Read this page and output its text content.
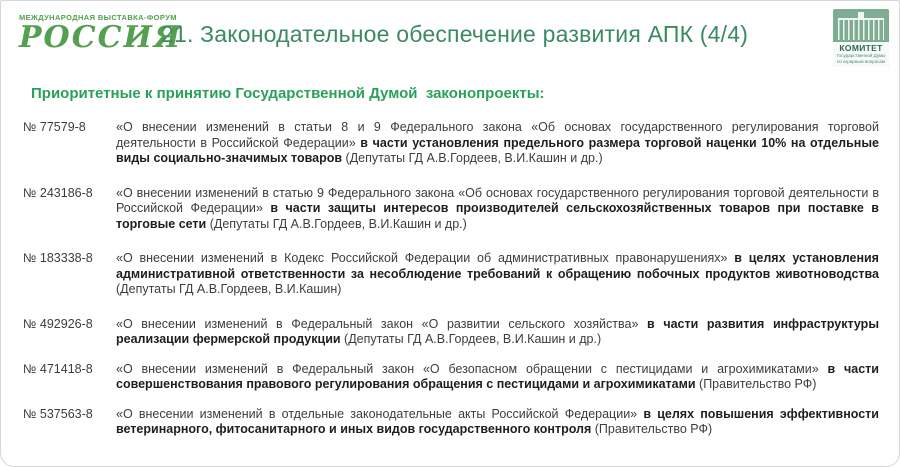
МЕЖДУНАРОДНАЯ ВЫСТАВКА-ФОРУМ
РОССИЯ
21. Законодательное обеспечение развития АПК (4/4)
КОМИТЕТ
Государственной Думы
по аграрным вопросам
Приоритетные к принятию Государственной Думой  законопроекты:
№ 77579-8	«О внесении изменений в статьи 8 и 9 Федерального закона «Об основах государственного регулирования торговой деятельности в Российской Федерации» в части установления предельного размера торговой наценки 10% на отдельные виды социально-значимых товаров (Депутаты ГД А.В.Гордеев, В.И.Кашин и др.)

№ 243186-8	«О внесении изменений в статью 9 Федерального закона «Об основах государственного регулирования торговой деятельности в Российской Федерации» в части защиты интересов производителей сельскохозяйственных товаров при поставке в торговые сети (Депутаты ГД А.В.Гордеев, В.И.Кашин и др.)

№ 183338-8	«О внесении изменений в Кодекс Российской Федерации об административных правонарушениях» в целях установления административной ответственности за несоблюдение требований к обращению побочных продуктов животноводства (Депутаты ГД А.В.Гордеев, В.И.Кашин)

№ 492926-8	«О внесении изменений в Федеральный закон «О развитии сельского хозяйства» в части развития инфраструктуры реализации фермерской продукции (Депутаты ГД А.В.Гордеев, В.И.Кашин и др.)

№ 471418-8	«О внесении изменений в Федеральный закон «О безопасном обращении с пестицидами и агрохимикатами» в части совершенствования правового регулирования обращения с пестицидами и агрохимикатами (Правительство РФ)

№ 537563-8	«О внесении изменений в отдельные законодательные акты Российской Федерации» в целях повышения эффективности ветеринарного, фитосанитарного и иных видов государственного контроля (Правительство РФ)
